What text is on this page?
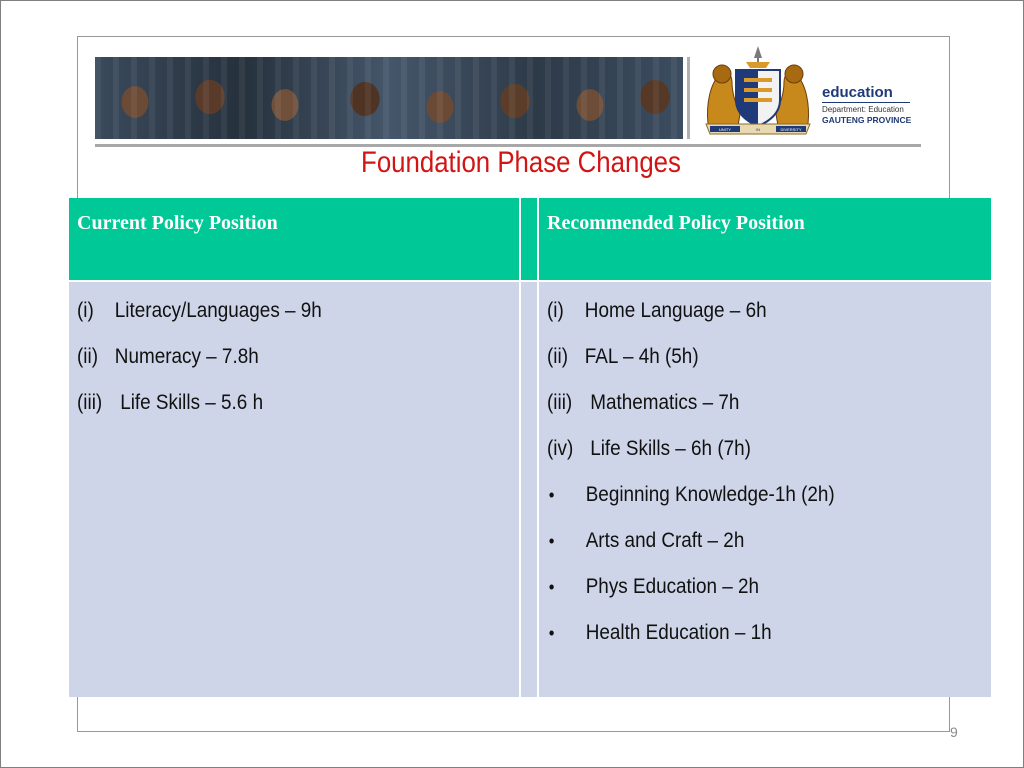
UNITY	IN	DIVERSITY
education
Department: Education
GAUTENG PROVINCE
Foundation Phase Changes
Current Policy Position	Recommended Policy Position
(i)	Literacy/Languages – 9h
(ii) Numeracy – 7.8h
(iii) Life Skills – 5.6 h
(i)	Home Language – 6h
(ii) FAL – 4h (5h)
(iii) Mathematics – 7h
(iv) Life Skills – 6h (7h)
•	Beginning Knowledge-1h (2h)
•	Arts and Craft – 2h
•	Phys Education – 2h
•	Health Education – 1h
9
